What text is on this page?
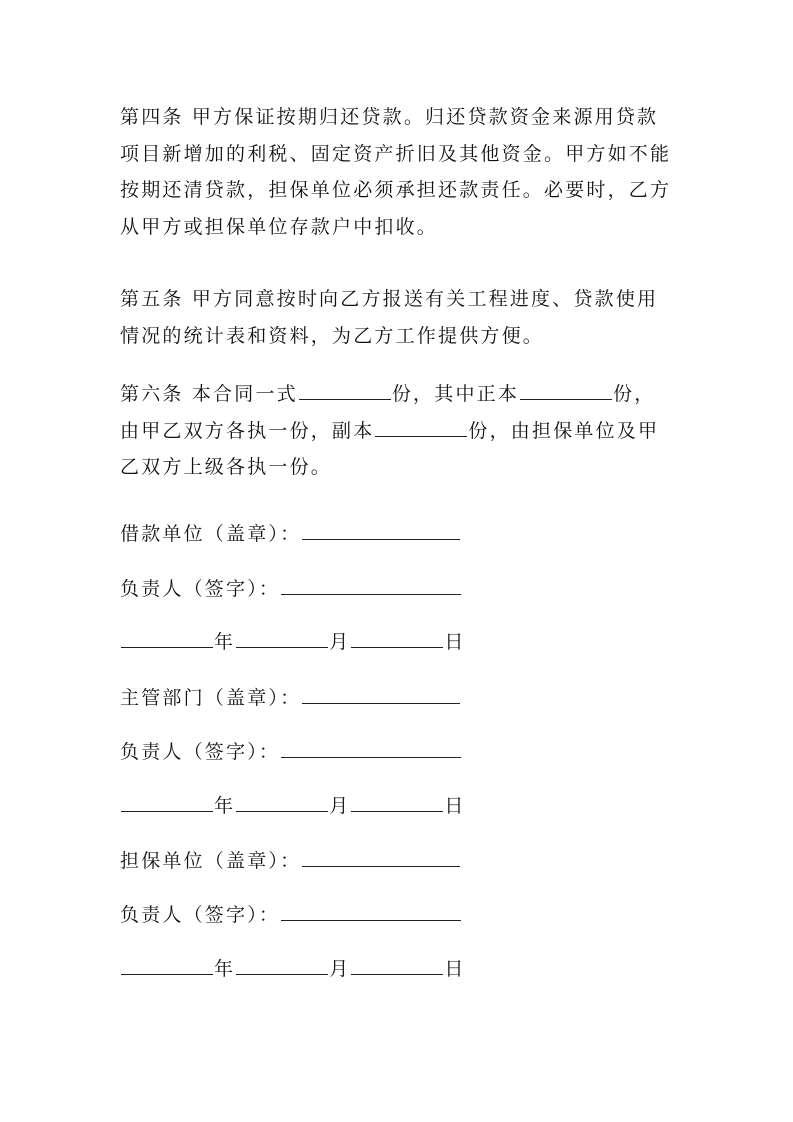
第四条 甲方保证按期归还贷款。归还贷款资金来源用贷款
项目新增加的利税、固定资产折旧及其他资金。甲方如不能
按期还清贷款，担保单位必须承担还款责任。必要时，乙方
从甲方或担保单位存款户中扣收。
第五条 甲方同意按时向乙方报送有关工程进度、贷款使用
情况的统计表和资料，为乙方工作提供方便。
第六条 本合同一式	份，其中正本	份，
由甲乙双方各执一份，副本	份，由担保单位及甲
乙双方上级各执一份。
借款单位（盖章）：
负责人（签字）：
年	月	日
主管部门（盖章）：
负责人（签字）：
年	月	日
担保单位（盖章）：
负责人（签字）：
年	月	日
